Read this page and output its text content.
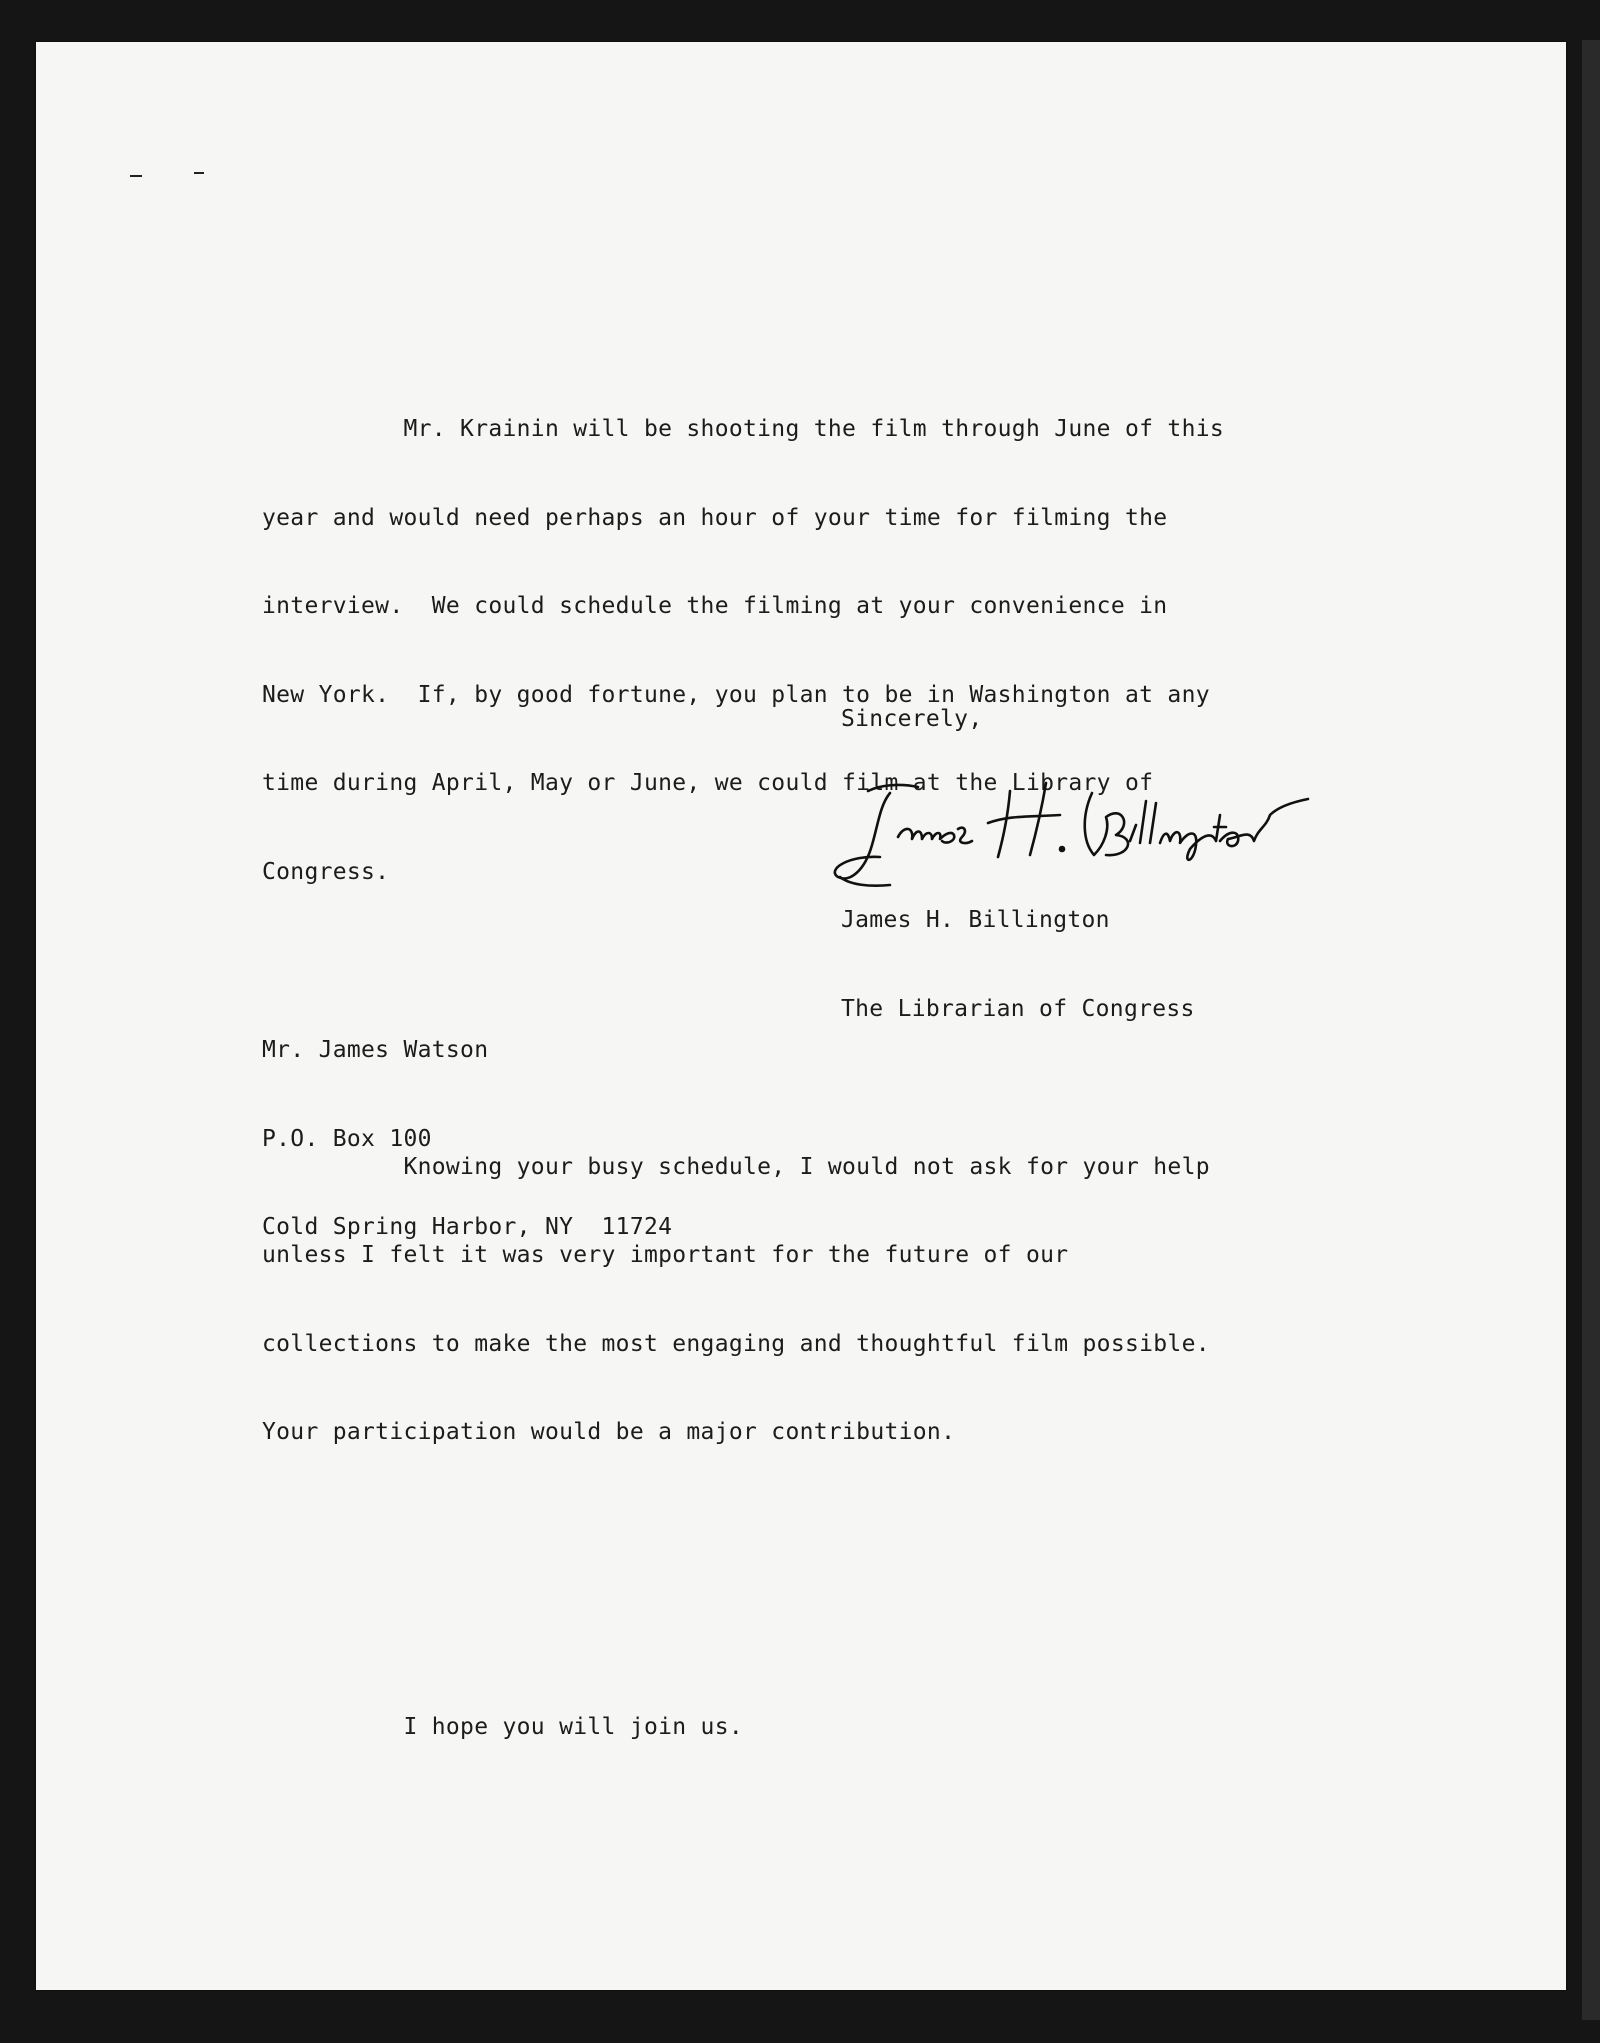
Mr. Krainin will be shooting the film through June of this

year and would need perhaps an hour of your time for filming the

interview.  We could schedule the filming at your convenience in

New York.  If, by good fortune, you plan to be in Washington at any

time during April, May or June, we could film at the Library of

Congress.

Knowing your busy schedule, I would not ask for your help

unless I felt it was very important for the future of our

collections to make the most engaging and thoughtful film possible.

Your participation would be a major contribution.

I hope you will join us.

Sincerely,

James H. Billington

The Librarian of Congress

Mr. James Watson

P.O. Box 100

Cold Spring Harbor, NY  11724
